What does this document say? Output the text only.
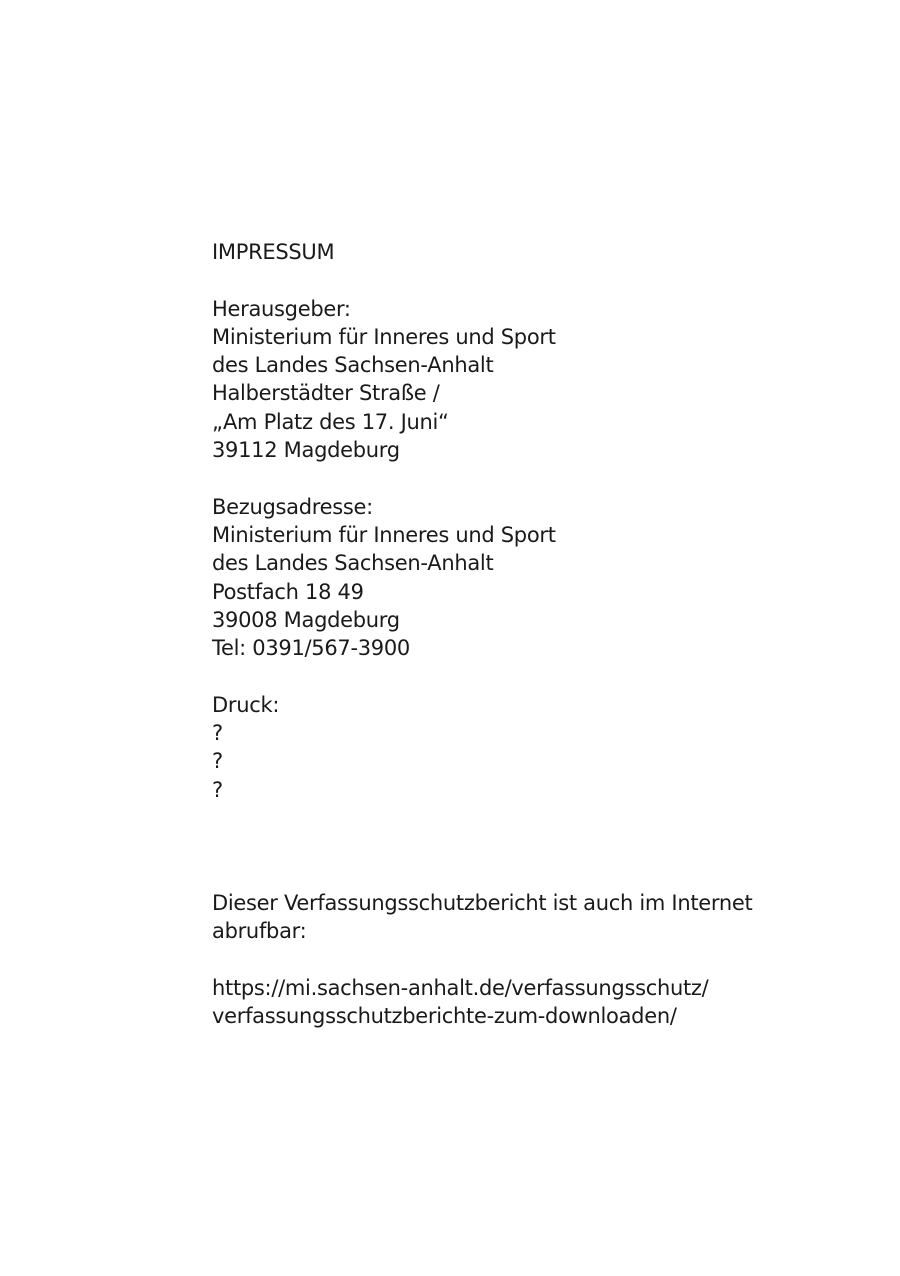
IMPRESSUM
Herausgeber:
Ministerium für Inneres und Sport
des Landes Sachsen-Anhalt
Halberstädter Straße /
„Am Platz des 17. Juni“
39112 Magdeburg
Bezugsadresse:
Ministerium für Inneres und Sport
des Landes Sachsen-Anhalt
Postfach 18 49
39008 Magdeburg
Tel: 0391/567-3900
Druck:
?
?
?
Dieser Verfassungsschutzbericht ist auch im Internet abrufbar:
https://mi.sachsen-anhalt.de/verfassungsschutz/
verfassungsschutzberichte-zum-downloaden/
